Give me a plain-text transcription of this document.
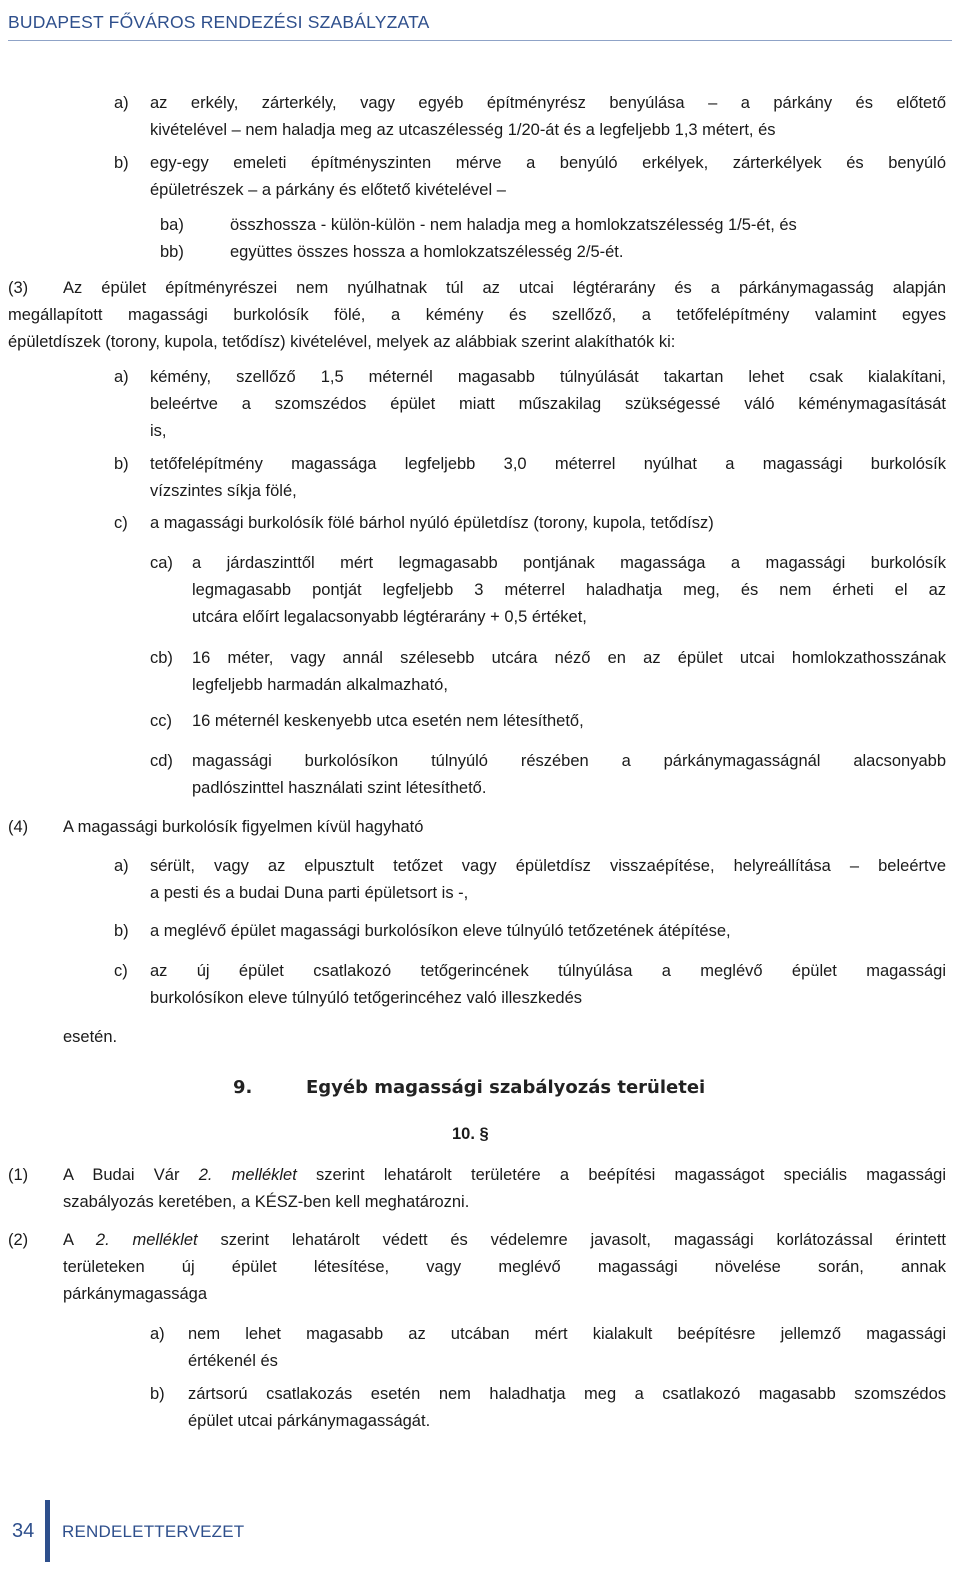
BUDAPEST FŐVÁROS RENDEZÉSI SZABÁLYZATA
a) az erkély, zárterkély, vagy egyéb építményrész benyúlása – a párkány és előtető
kivételével – nem haladja meg az utcaszélesség 1/20-át és a legfeljebb 1,3 métert, és
b) egy-egy emeleti építményszinten mérve a benyúló erkélyek, zárterkélyek és benyúló
épületrészek – a párkány és előtető kivételével –
ba)	összhossza - külön-külön - nem haladja meg a homlokzatszélesség 1/5-ét, és
bb)	együttes összes hossza a homlokzatszélesség 2/5-ét.
(3) Az épület építményrészei nem nyúlhatnak túl az utcai légtérarány és a párkánymagasság alapján
megállapított magassági burkolósík fölé, a kémény és szellőző, a tetőfelépítmény valamint egyes
épületdíszek (torony, kupola, tetődísz) kivételével, melyek az alábbiak szerint alakíthatók ki:
a) kémény, szellőző 1,5 méternél magasabb túlnyúlását takartan lehet csak kialakítani,
beleértve a szomszédos épület miatt műszakilag szükségessé váló kéménymagasítását
is,
b) tetőfelépítmény magassága legfeljebb 3,0 méterrel nyúlhat a magassági burkolósík
vízszintes síkja fölé,
c) a magassági burkolósík fölé bárhol nyúló épületdísz (torony, kupola, tetődísz)
ca) a járdaszinttől mért legmagasabb pontjának magassága a magassági burkolósík
legmagasabb pontját legfeljebb 3 méterrel haladhatja meg, és nem érheti el az
utcára előírt legalacsonyabb légtérarány + 0,5 értéket,
cb) 16 méter, vagy annál szélesebb utcára néző en az épület utcai homlokzathosszának
legfeljebb harmadán alkalmazható,
cc) 16 méternél keskenyebb utca esetén nem létesíthető,
cd) magassági burkolósíkon túlnyúló részében a párkánymagasságnál alacsonyabb
padlószinttel használati szint létesíthető.
(4) A magassági burkolósík figyelmen kívül hagyható
a) sérült, vagy az elpusztult tetőzet vagy épületdísz visszaépítése, helyreállítása – beleértve
a pesti és a budai Duna parti épületsort is -,
b) a meglévő épület magassági burkolósíkon eleve túlnyúló tetőzetének átépítése,
c) az új épület csatlakozó tetőgerincének túlnyúlása a meglévő épület magassági
burkolósíkon eleve túlnyúló tetőgerincéhez való illeszkedés
esetén.
9.	Egyéb magassági szabályozás területei
10. §
(1) A Budai Vár 2. melléklet szerint lehatárolt területére a beépítési magasságot speciális magassági
szabályozás keretében, a KÉSZ-ben kell meghatározni.
(2) A 2. melléklet szerint lehatárolt védett és védelemre javasolt, magassági korlátozással érintett
területeken új épület létesítése, vagy meglévő magassági növelése során, annak
párkánymagassága
a) nem lehet magasabb az utcában mért kialakult beépítésre jellemző magassági
értékenél és
b) zártsorú csatlakozás esetén nem haladhatja meg a csatlakozó magasabb szomszédos
épület utcai párkánymagasságát.
34 RENDELETTERVEZET
